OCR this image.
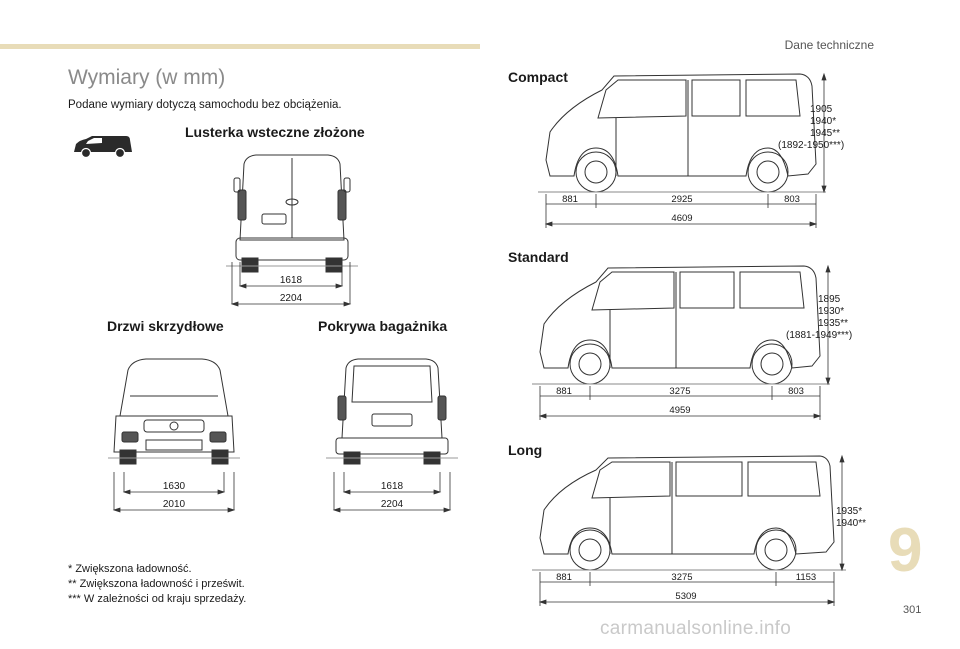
Dane techniczne
Wymiary (w mm)
Podane wymiary dotyczą samochodu bez obciążenia.
Lusterka wsteczne złożone
Drzwi skrzydłowe	Pokrywa bagażnika
Compact
Standard
Long
1618
2204
1630
2010
1618
2204
881	2925	803
4609
1905
1940*
1945**
(1892-1950***)
881	3275	803
4959
1895
1930*
1935**
(1881-1949***)
881	3275	1153
5309
1935*
1940**
* Zwiększona ładowność.
** Zwiększona ładowność i prześwit.
*** W zależności od kraju sprzedaży.
9
301
carmanualsonline.info
